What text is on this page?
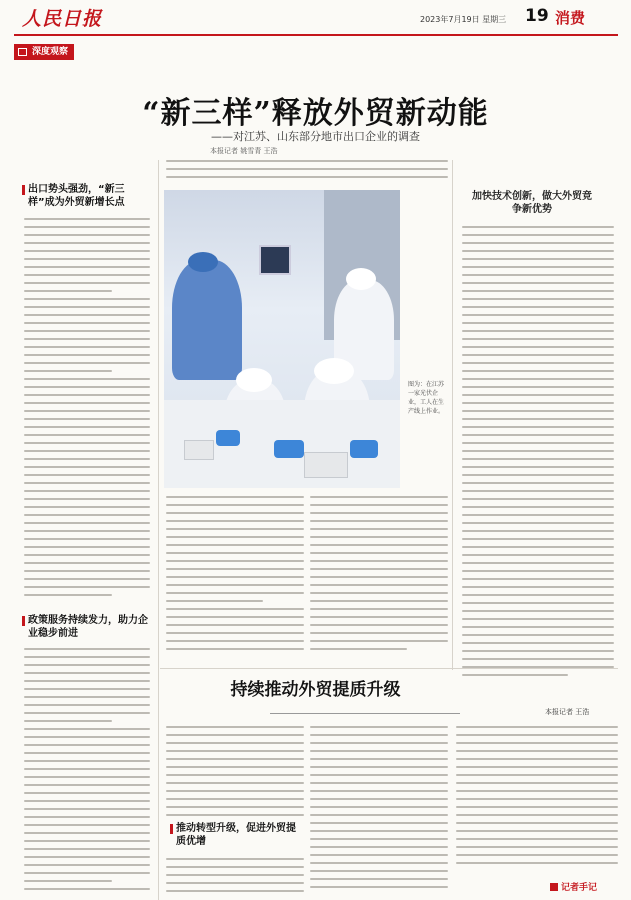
人民日报	2023年7月19日 星期三 19 消费
深度观察
“新三样”释放外贸新动能
——对江苏、山东部分地市出口企业的调查
本报记者 姚雪青 王浩
出口势头强劲，“新三样”成为外贸新增长点
政策服务持续发力，助力企业稳步前进
图为：在江苏一家光伏企业，工人在生产线上作业。
推动转型升级，促进外贸提质优增
加快技术创新，做大外贸竞争新优势
本报记者 王浩
持续推动外贸提质升级
记者手记
